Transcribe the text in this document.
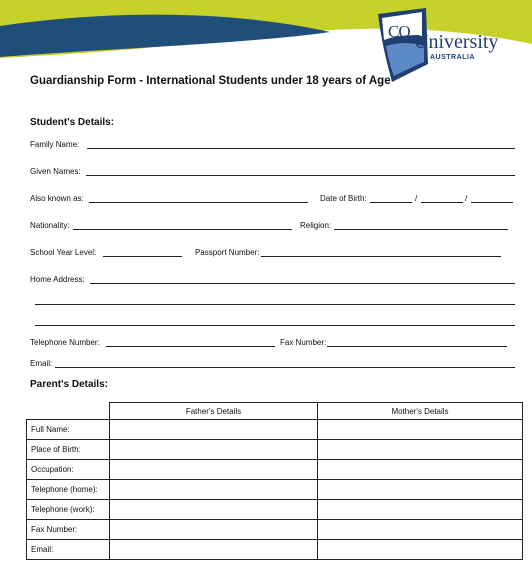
CQ University
AUSTRALIA
Guardianship Form - International Students under 18 years of Age
Student's Details:
Family Name:
Given Names:
Also known as:	Date of Birth:	/	/
Nationality:	Religion:
School Year Level:	Passport Number:
Home Address:
Telephone Number:	Fax Number:
Email:
Parent's Details:
	Father's Details	Mother's Details
Full Name:		
Place of Birth:		
Occupation:		
Telephone (home):		
Telephone (work):		
Fax Number:		
Email:		
